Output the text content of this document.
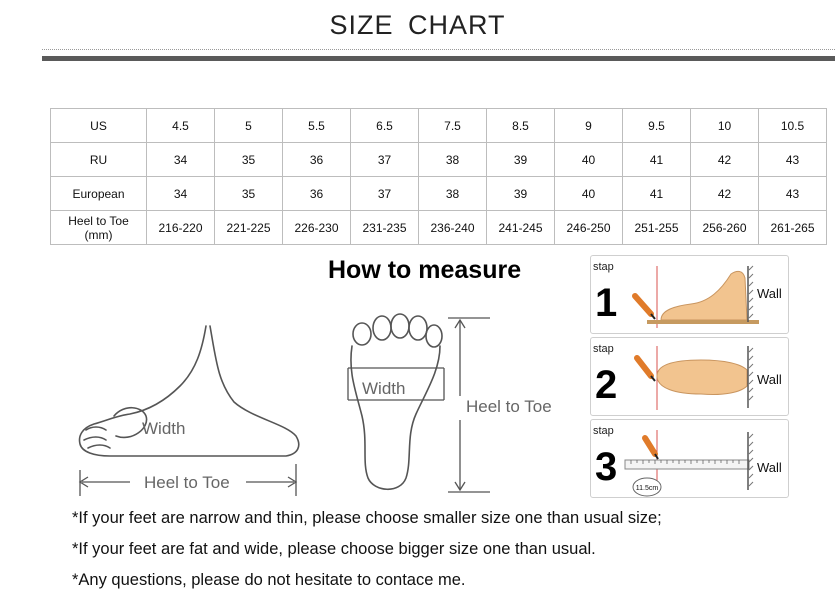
SIZE CHART
US	4.5	5	5.5	6.5	7.5	8.5	9	9.5	10	10.5
RU	34	35	36	37	38	39	40	41	42	43
European	34	35	36	37	38	39	40	41	42	43

Heel to Toe
(mm)	216-220	221-225	226-230	231-235	236-240	241-245	246-250	251-255	256-260	261-265
How to measure
Width
Heel to Toe
Width
Heel to Toe
stap
1	Wall
stap
2	Wall
stap
3	11.5cm
Wall
*If your feet are narrow and thin, please choose smaller size one than usual size;
*If your feet are fat and wide, please choose bigger size one than usual.
*Any questions, please do not hesitate to contace me.
